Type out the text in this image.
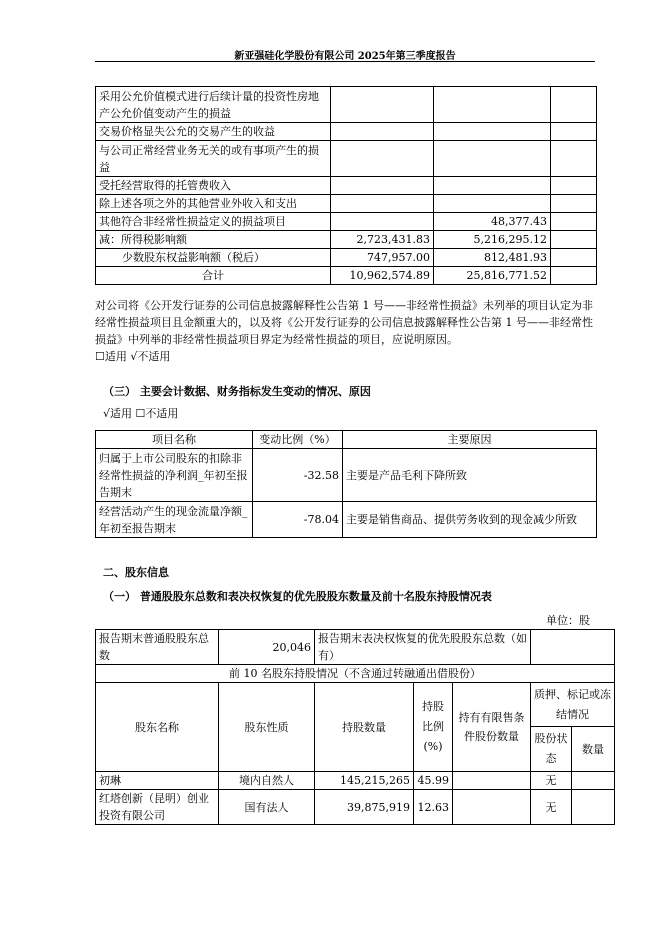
新亚强硅化学股份有限公司 2025年第三季度报告
采用公允价值模式进行后续计量的投资性房地产公允价值变动产生的损益			
交易价格显失公允的交易产生的收益			
与公司正常经营业务无关的或有事项产生的损益			
受托经营取得的托管费收入			
除上述各项之外的其他营业外收入和支出			
其他符合非经常性损益定义的损益项目		48,377.43	
减：所得税影响额	2,723,431.83	5,216,295.12	
少数股东权益影响额（税后）	747,957.00	812,481.93	
合计	10,962,574.89	25,816,771.52	
对公司将《公开发行证券的公司信息披露解释性公告第 1 号——非经常性损益》未列举的项目认定为非经常性损益项目且金额重大的，以及将《公开发行证券的公司信息披露解释性公告第 1 号——非经常性损益》中列举的非经常性损益项目界定为经常性损益的项目，应说明原因。
☐适用 √不适用
（三） 主要会计数据、财务指标发生变动的情况、原因
√适用 ☐不适用
项目名称	变动比例（%）	主要原因
归属于上市公司股东的扣除非经常性损益的净利润_年初至报告期末	-32.58	主要是产品毛利下降所致
经营活动产生的现金流量净额_年初至报告期末	-78.04	主要是销售商品、提供劳务收到的现金减少所致
二、股东信息
（一） 普通股股东总数和表决权恢复的优先股股东数量及前十名股东持股情况表
单位：股
报告期末普通股股东总数	20,046	报告期末表决权恢复的优先股股东总数（如有）				
前 10 名股东持股情况（不含通过转融通出借股份）						
股东名称	股东性质	持股数量	持股比例(%)	持有有限售条件股份数量	质押、标记或冻结情况	
					股份状态	数量
初琳	境内自然人	145,215,265	45.99		无	
红塔创新（昆明）创业投资有限公司	国有法人	39,875,919	12.63		无	
